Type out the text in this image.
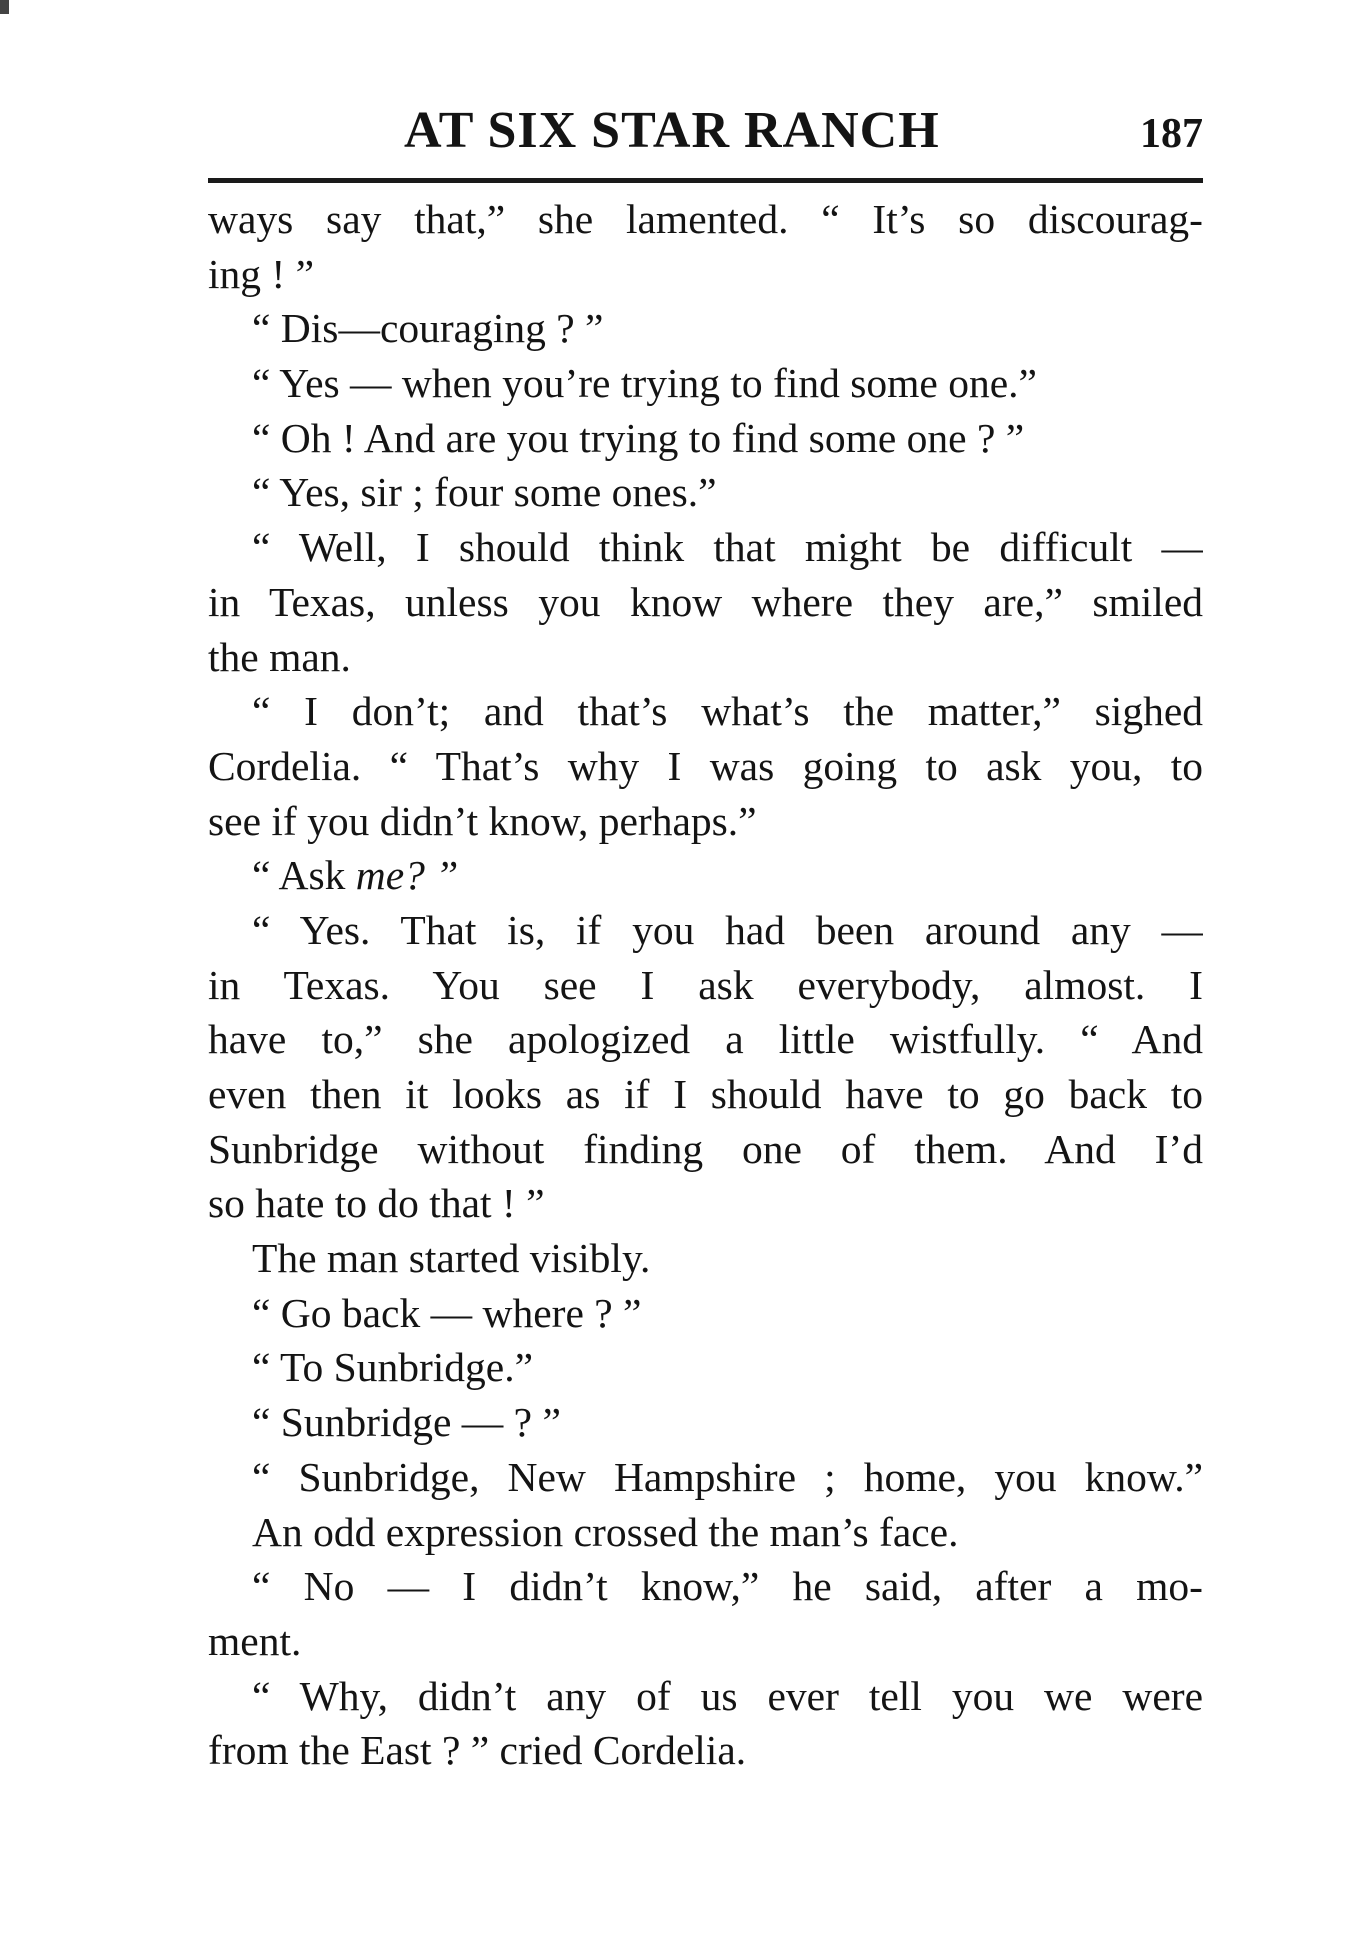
AT SIX STAR RANCH	187
ways say that,” she lamented. “ It’s so discourag-
ing ! ”
“ Dis—couraging ? ”
“ Yes — when you’re trying to find some one.”
“ Oh ! And are you trying to find some one ? ”
“ Yes, sir ; four some ones.”
“ Well, I should think that might be difficult —
in Texas, unless you know where they are,” smiled
the man.
“ I don’t; and that’s what’s the matter,” sighed
Cordelia. “ That’s why I was going to ask you, to
see if you didn’t know, perhaps.”
“ Ask me? ”
“ Yes. That is, if you had been around any —
in Texas. You see I ask everybody, almost. I
have to,” she apologized a little wistfully. “ And
even then it looks as if I should have to go back to
Sunbridge without finding one of them. And I’d
so hate to do that ! ”
The man started visibly.
“ Go back — where ? ”
“ To Sunbridge.”
“ Sunbridge — ? ”
“ Sunbridge, New Hampshire ; home, you know.”
An odd expression crossed the man’s face.
“ No — I didn’t know,” he said, after a mo-
ment.
“ Why, didn’t any of us ever tell you we were
from the East ? ” cried Cordelia.
